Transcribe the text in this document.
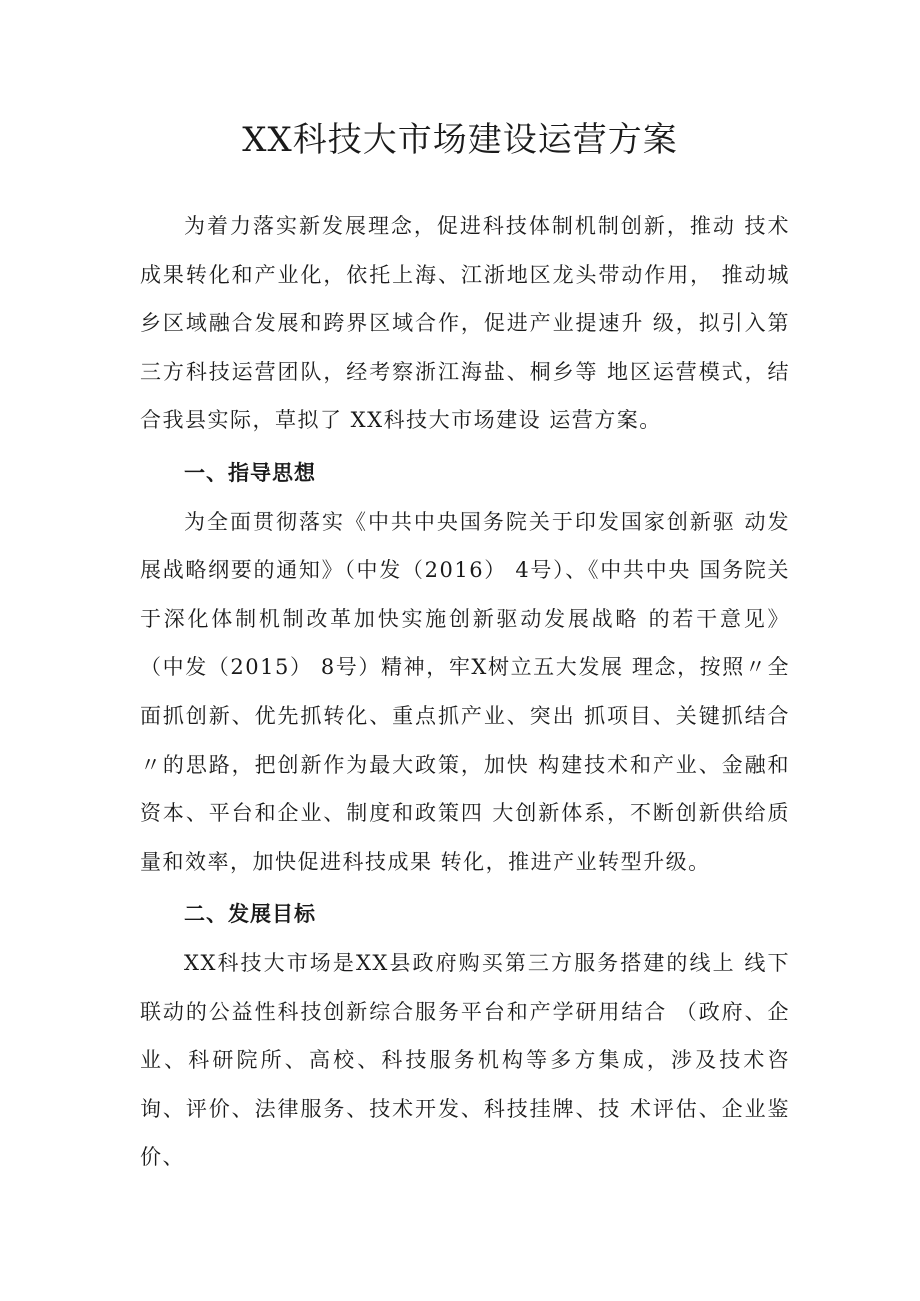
XX科技大市场建设运营方案

为着力落实新发展理念，促进科技体制机制创新，推动 技术成果转化和产业化，依托上海、江浙地区龙头带动作用， 推动城乡区域融合发展和跨界区域合作，促进产业提速升 级，拟引入第三方科技运营团队，经考察浙江海盐、桐乡等 地区运营模式，结合我县实际，草拟了 XX科技大市场建设 运营方案。

一、指导思想

为全面贯彻落实《中共中央国务院关于印发国家创新驱 动发展战略纲要的通知》（中发（2016） 4号）、《中共中央 国务院关于深化体制机制改革加快实施创新驱动发展战略 的若干意见》（中发（2015） 8号）精神，牢X树立五大发展 理念，按照〃全面抓创新、优先抓转化、重点抓产业、突出 抓项目、关键抓结合〃的思路，把创新作为最大政策，加快 构建技术和产业、金融和资本、平台和企业、制度和政策四 大创新体系，不断创新供给质量和效率，加快促进科技成果 转化，推进产业转型升级。

二、发展目标

XX科技大市场是XX县政府购买第三方服务搭建的线上 线下联动的公益性科技创新综合服务平台和产学研用结合 （政府、企业、科研院所、高校、科技服务机构等多方集成，涉及技术咨询、评价、法律服务、技术开发、科技挂牌、技 术评估、企业鉴价、
